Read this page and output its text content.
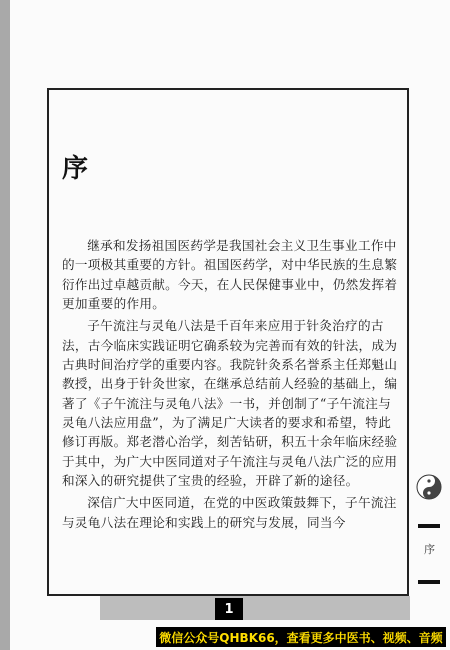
序

继承和发扬祖国医药学是我国社会主义卫生事业工作中的一项极其重要的方针。祖国医药学，对中华民族的生息繁衍作出过卓越贡献。今天，在人民保健事业中，仍然发挥着更加重要的作用。

子午流注与灵龟八法是千百年来应用于针灸治疗的古法，古今临床实践证明它确系较为完善而有效的针法，成为古典时间治疗学的重要内容。我院针灸系名誉系主任郑魁山教授，出身于针灸世家，在继承总结前人经验的基础上，编著了《子午流注与灵龟八法》一书，并创制了“子午流注与灵龟八法应用盘”，为了满足广大读者的要求和希望，特此修订再版。郑老潜心治学，刻苦钻研，积五十余年临床经验于其中，为广大中医同道对子午流注与灵龟八法广泛的应用和深入的研究提供了宝贵的经验，开辟了新的途径。

深信广大中医同道，在党的中医政策鼓舞下，子午流注与灵龟八法在理论和实践上的研究与发展，同当今

1
序
微信公众号QHBK66，查看更多中医书、视频、音频
